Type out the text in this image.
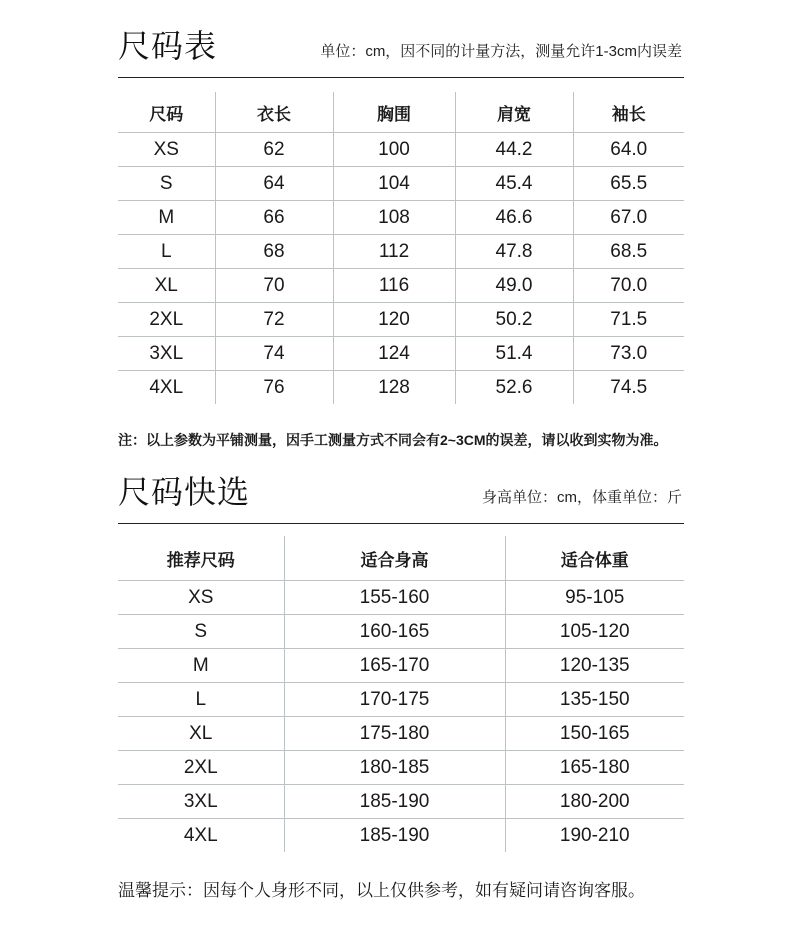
尺码表	单位：cm，因不同的计量方法，测量允许1-3cm内误差
尺码	衣长	胸围	肩宽	袖长
XS	62	100	44.2	64.0
S	64	104	45.4	65.5
M	66	108	46.6	67.0
L	68	112	47.8	68.5
XL	70	116	49.0	70.0
2XL	72	120	50.2	71.5
3XL	74	124	51.4	73.0
4XL	76	128	52.6	74.5
注：以上参数为平铺测量，因手工测量方式不同会有2~3CM的误差，请以收到实物为准。
尺码快选	身高单位：cm，体重单位：斤
推荐尺码	适合身高	适合体重
XS	155-160	95-105
S	160-165	105-120
M	165-170	120-135
L	170-175	135-150
XL	175-180	150-165
2XL	180-185	165-180
3XL	185-190	180-200
4XL	185-190	190-210
温馨提示：因每个人身形不同，以上仅供参考，如有疑问请咨询客服。
